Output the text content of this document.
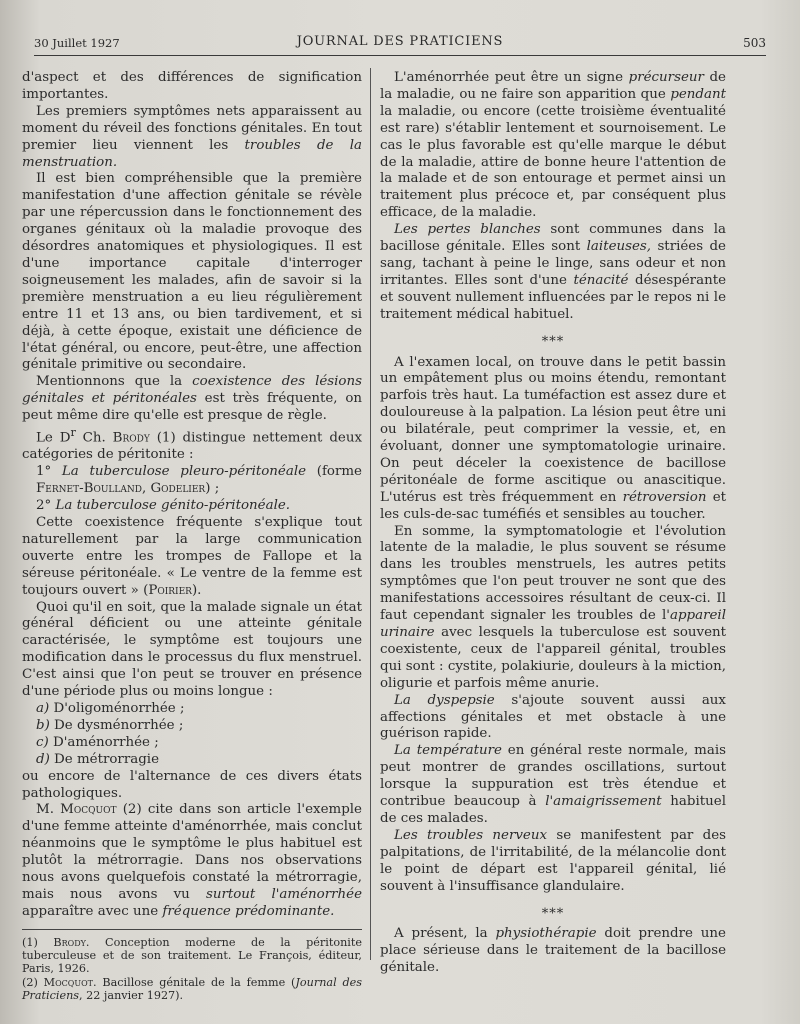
30 Juillet 1927	JOURNAL DES PRATICIENS	503

d'aspect et des différences de signification importantes.

Les premiers symptômes nets apparaissent au moment du réveil des fonctions génitales. En tout premier lieu viennent les troubles de la menstruation.

Il est bien compréhensible que la première manifestation d'une affection génitale se révèle par une répercussion dans le fonctionnement des organes génitaux où la maladie provoque des désordres anatomiques et physiologiques. Il est d'une importance capitale d'interroger soigneusement les malades, afin de savoir si la première menstruation a eu lieu régulièrement entre 11 et 13 ans, ou bien tardivement, et si déjà, à cette époque, existait une déficience de l'état général, ou encore, peut-être, une affection génitale primitive ou secondaire.

Mentionnons que la coexistence des lésions génitales et péritonéales est très fréquente, on peut même dire qu'elle est presque de règle.

Le $D^r$ Ch. Brody (1) distingue nettement deux catégories de péritonite :

1° La tuberculose pleuro-péritonéale (forme Fernet-Boulland, Godelier) ;

2° La tuberculose génito-péritonéale.

Cette coexistence fréquente s'explique tout naturellement par la large communication ouverte entre les trompes de Fallope et la séreuse péritonéale. « Le ventre de la femme est toujours ouvert » (Poirier).

Quoi qu'il en soit, que la malade signale un état général déficient ou une atteinte génitale caractérisée, le symptôme est toujours une modification dans le processus du flux menstruel. C'est ainsi que l'on peut se trouver en présence d'une période plus ou moins longue :

a) D'oligoménorrhée ;

b) De dysménorrhée ;

c) D'aménorrhée ;

d) De métrorragie

ou encore de l'alternance de ces divers états pathologiques.

M. Mocquot (2) cite dans son article l'exemple d'une femme atteinte d'aménorrhée, mais conclut néanmoins que le symptôme le plus habituel est plutôt la métrorragie. Dans nos observations nous avons quelquefois constaté la métrorragie, mais nous avons vu surtout l'aménorrhée apparaître avec une fréquence prédominante.

(1) Brody. Conception moderne de la péritonite tuberculeuse et de son traitement. Le François, éditeur, Paris, 1926.

(2) Mocquot. Bacillose génitale de la femme (Journal des Praticiens, 22 janvier 1927).

L'aménorrhée peut être un signe précurseur de la maladie, ou ne faire son apparition que pendant la maladie, ou encore (cette troisième éventualité est rare) s'établir lentement et sournoisement. Le cas le plus favorable est qu'elle marque le début de la maladie, attire de bonne heure l'attention de la malade et de son entourage et permet ainsi un traitement plus précoce et, par conséquent plus efficace, de la maladie.

Les pertes blanches sont communes dans la bacillose génitale. Elles sont laiteuses, striées de sang, tachant à peine le linge, sans odeur et non irritantes. Elles sont d'une ténacité désespérante et souvent nullement influencées par le repos ni le traitement médical habituel.

⁎⁎⁎

A l'examen local, on trouve dans le petit bassin un empâtement plus ou moins étendu, remontant parfois très haut. La tuméfaction est assez dure et douloureuse à la palpation. La lésion peut être uni ou bilatérale, peut comprimer la vessie, et, en évoluant, donner une symptomatologie urinaire. On peut déceler la coexistence de bacillose péritonéale de forme ascitique ou anascitique. L'utérus est très fréquemment en rétroversion et les culs-de-sac tuméfiés et sensibles au toucher.

En somme, la symptomatologie et l'évolution latente de la maladie, le plus souvent se résume dans les troubles menstruels, les autres petits symptômes que l'on peut trouver ne sont que des manifestations accessoires résultant de ceux-ci. Il faut cependant signaler les troubles de l'appareil urinaire avec lesquels la tuberculose est souvent coexistente, ceux de l'appareil génital, troubles qui sont : cystite, polakiurie, douleurs à la miction, oligurie et parfois même anurie.

La dyspepsie s'ajoute souvent aussi aux affections génitales et met obstacle à une guérison rapide.

La température en général reste normale, mais peut montrer de grandes oscillations, surtout lorsque la suppuration est très étendue et contribue beaucoup à l'amaigrissement habituel de ces malades.

Les troubles nerveux se manifestent par des palpitations, de l'irritabilité, de la mélancolie dont le point de départ est l'appareil génital, lié souvent à l'insuffisance glandulaire.

⁎⁎⁎

A présent, la physiothérapie doit prendre une place sérieuse dans le traitement de la bacillose génitale.
